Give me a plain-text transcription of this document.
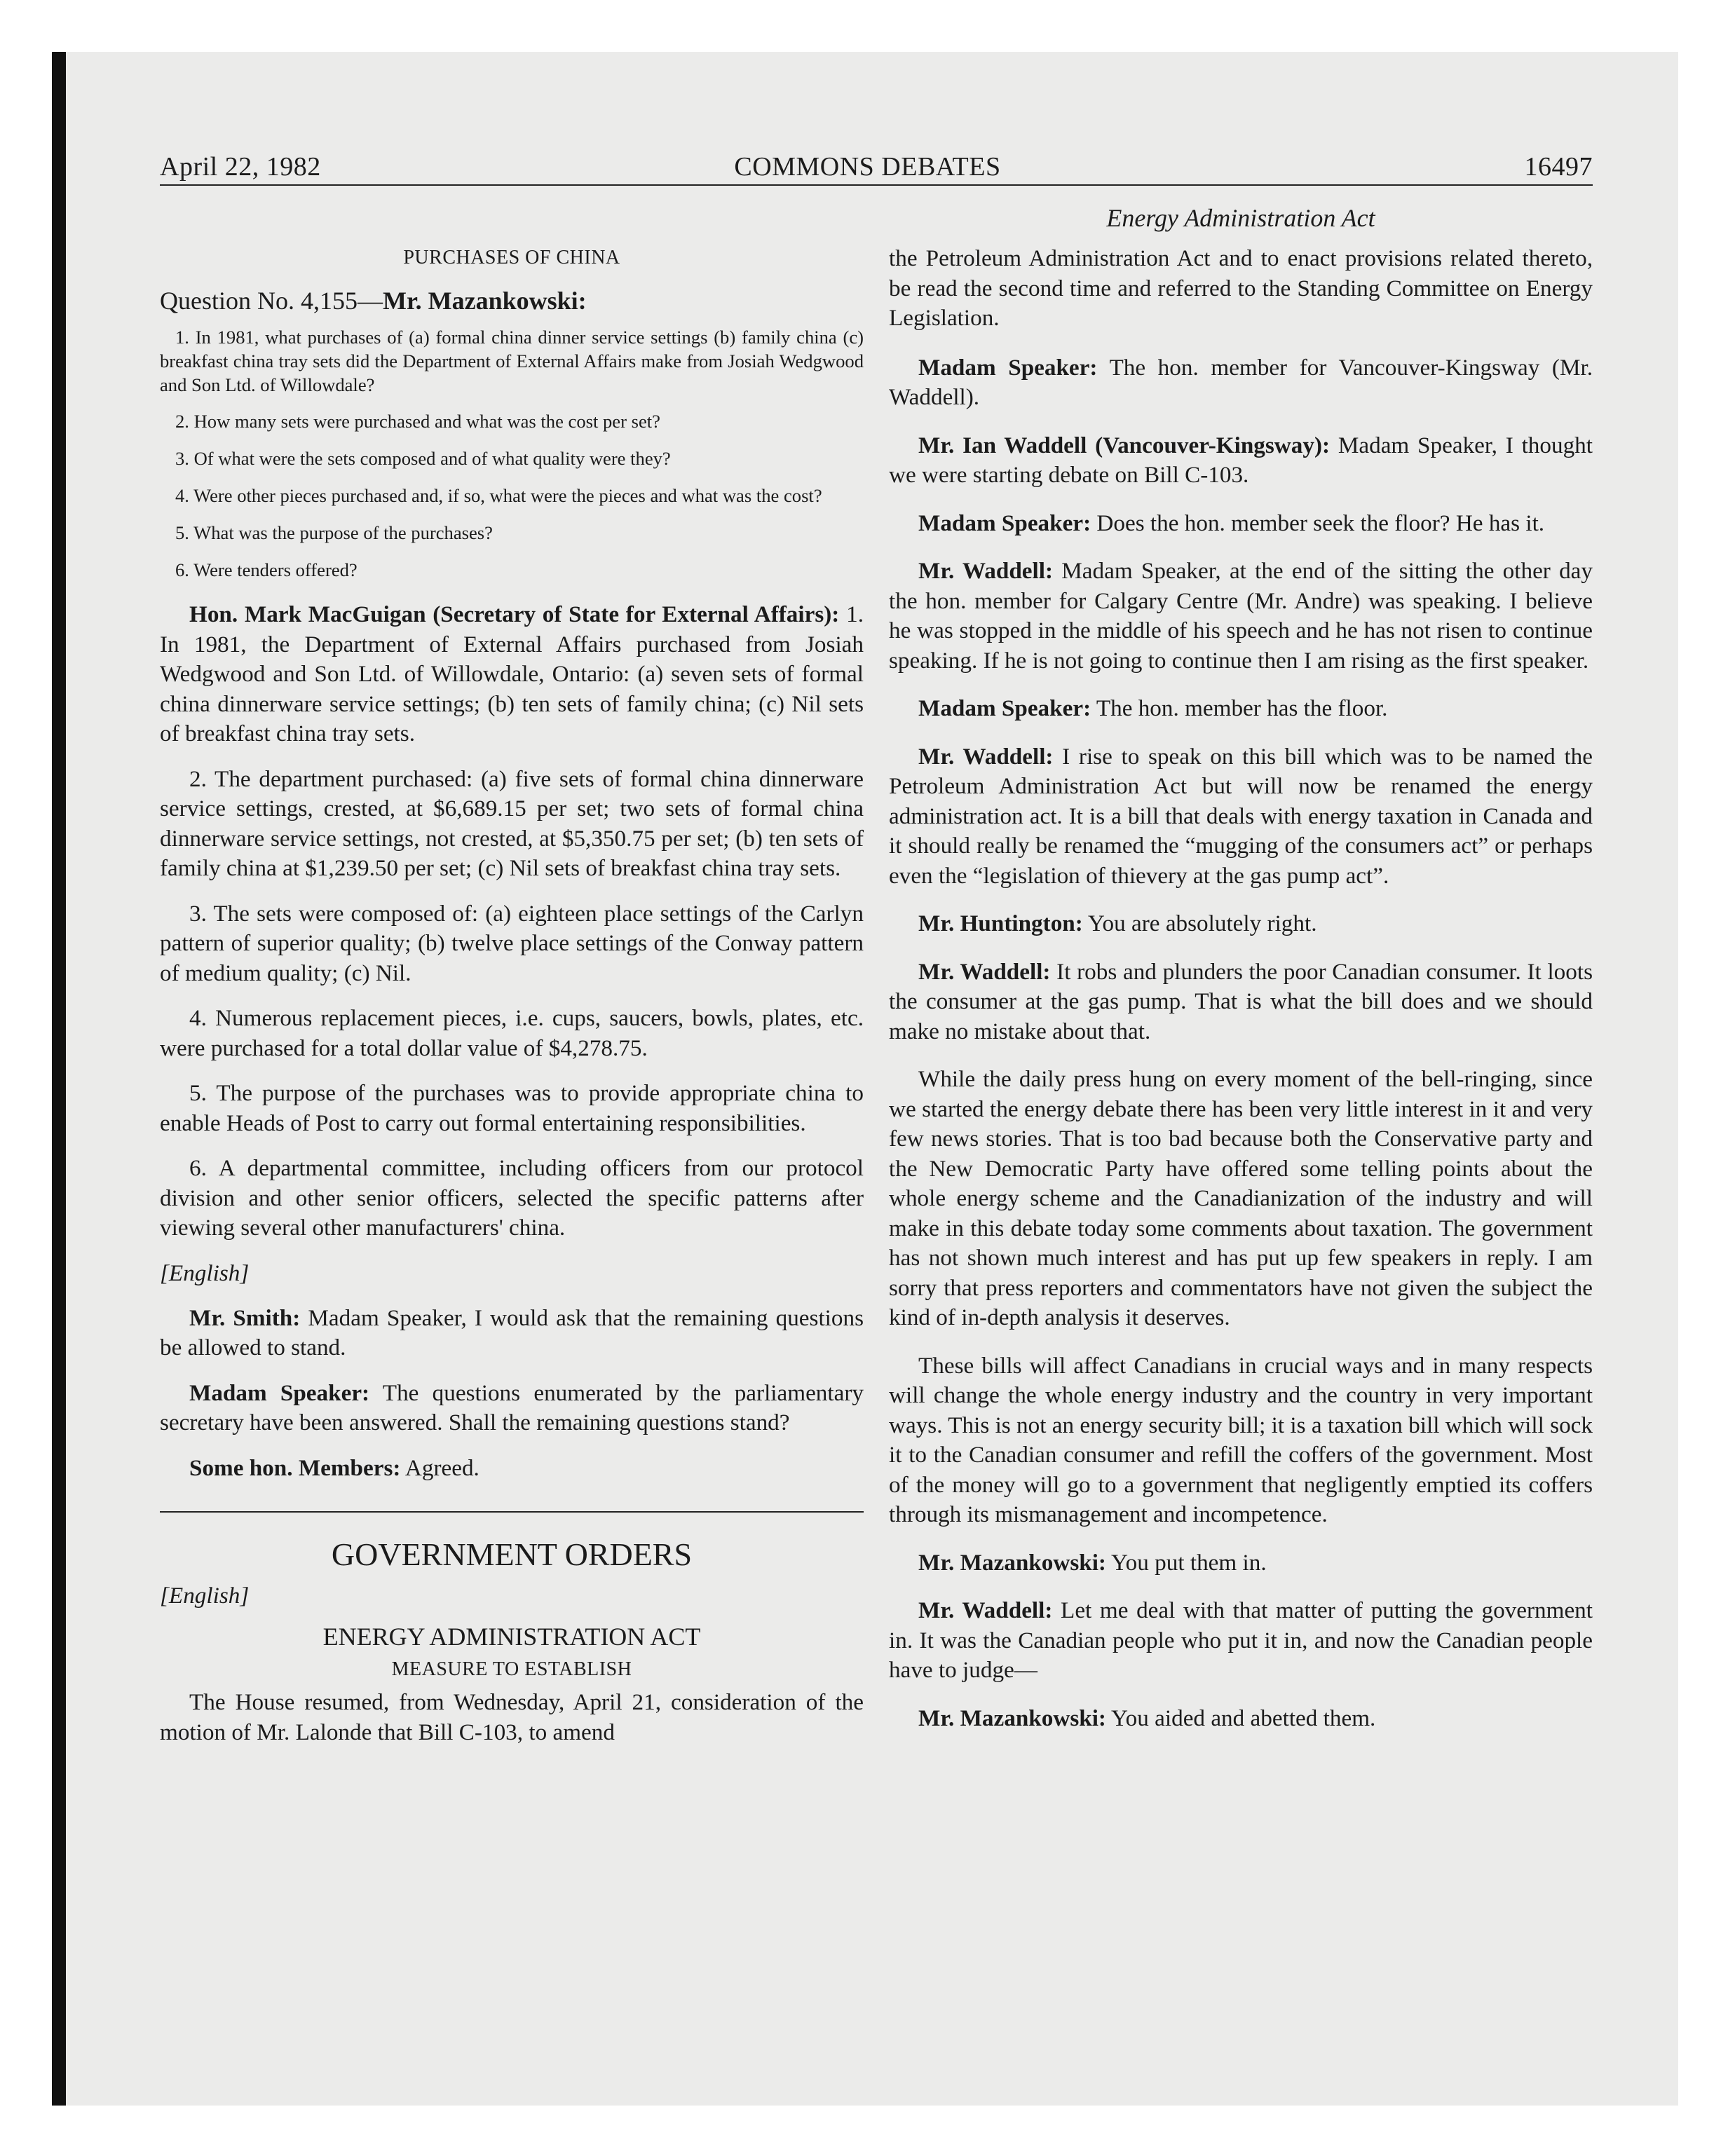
April 22, 1982	COMMONS DEBATES	16497
Energy Administration Act

PURCHASES OF CHINA

Question No. 4,155—Mr. Mazankowski:

1. In 1981, what purchases of (a) formal china dinner service settings (b) family china (c) breakfast china tray sets did the Department of External Affairs make from Josiah Wedgwood and Son Ltd. of Willowdale?

2. How many sets were purchased and what was the cost per set?

3. Of what were the sets composed and of what quality were they?

4. Were other pieces purchased and, if so, what were the pieces and what was the cost?

5. What was the purpose of the purchases?

6. Were tenders offered?

Hon. Mark MacGuigan (Secretary of State for External Affairs): 1. In 1981, the Department of External Affairs purchased from Josiah Wedgwood and Son Ltd. of Willowdale, Ontario: (a) seven sets of formal china dinnerware service settings; (b) ten sets of family china; (c) Nil sets of breakfast china tray sets.

2. The department purchased: (a) five sets of formal china dinnerware service settings, crested, at $6,689.15 per set; two sets of formal china dinnerware service settings, not crested, at $5,350.75 per set; (b) ten sets of family china at $1,239.50 per set; (c) Nil sets of breakfast china tray sets.

3. The sets were composed of: (a) eighteen place settings of the Carlyn pattern of superior quality; (b) twelve place settings of the Conway pattern of medium quality; (c) Nil.

4. Numerous replacement pieces, i.e. cups, saucers, bowls, plates, etc. were purchased for a total dollar value of $4,278.75.

5. The purpose of the purchases was to provide appropriate china to enable Heads of Post to carry out formal entertaining responsibilities.

6. A departmental committee, including officers from our protocol division and other senior officers, selected the specific patterns after viewing several other manufacturers' china.

[English]

Mr. Smith: Madam Speaker, I would ask that the remaining questions be allowed to stand.

Madam Speaker: The questions enumerated by the parliamentary secretary have been answered. Shall the remaining questions stand?

Some hon. Members: Agreed.

GOVERNMENT ORDERS

[English]

ENERGY ADMINISTRATION ACT

MEASURE TO ESTABLISH

The House resumed, from Wednesday, April 21, consideration of the motion of Mr. Lalonde that Bill C-103, to amend

the Petroleum Administration Act and to enact provisions related thereto, be read the second time and referred to the Standing Committee on Energy Legislation.

Madam Speaker: The hon. member for Vancouver-Kingsway (Mr. Waddell).

Mr. Ian Waddell (Vancouver-Kingsway): Madam Speaker, I thought we were starting debate on Bill C-103.

Madam Speaker: Does the hon. member seek the floor? He has it.

Mr. Waddell: Madam Speaker, at the end of the sitting the other day the hon. member for Calgary Centre (Mr. Andre) was speaking. I believe he was stopped in the middle of his speech and he has not risen to continue speaking. If he is not going to continue then I am rising as the first speaker.

Madam Speaker: The hon. member has the floor.

Mr. Waddell: I rise to speak on this bill which was to be named the Petroleum Administration Act but will now be renamed the energy administration act. It is a bill that deals with energy taxation in Canada and it should really be renamed the “mugging of the consumers act” or perhaps even the “legislation of thievery at the gas pump act”.

Mr. Huntington: You are absolutely right.

Mr. Waddell: It robs and plunders the poor Canadian consumer. It loots the consumer at the gas pump. That is what the bill does and we should make no mistake about that.

While the daily press hung on every moment of the bell-ringing, since we started the energy debate there has been very little interest in it and very few news stories. That is too bad because both the Conservative party and the New Democratic Party have offered some telling points about the whole energy scheme and the Canadianization of the industry and will make in this debate today some comments about taxation. The government has not shown much interest and has put up few speakers in reply. I am sorry that press reporters and commentators have not given the subject the kind of in-depth analysis it deserves.

These bills will affect Canadians in crucial ways and in many respects will change the whole energy industry and the country in very important ways. This is not an energy security bill; it is a taxation bill which will sock it to the Canadian consumer and refill the coffers of the government. Most of the money will go to a government that negligently emptied its coffers through its mismanagement and incompetence.

Mr. Mazankowski: You put them in.

Mr. Waddell: Let me deal with that matter of putting the government in. It was the Canadian people who put it in, and now the Canadian people have to judge—

Mr. Mazankowski: You aided and abetted them.
